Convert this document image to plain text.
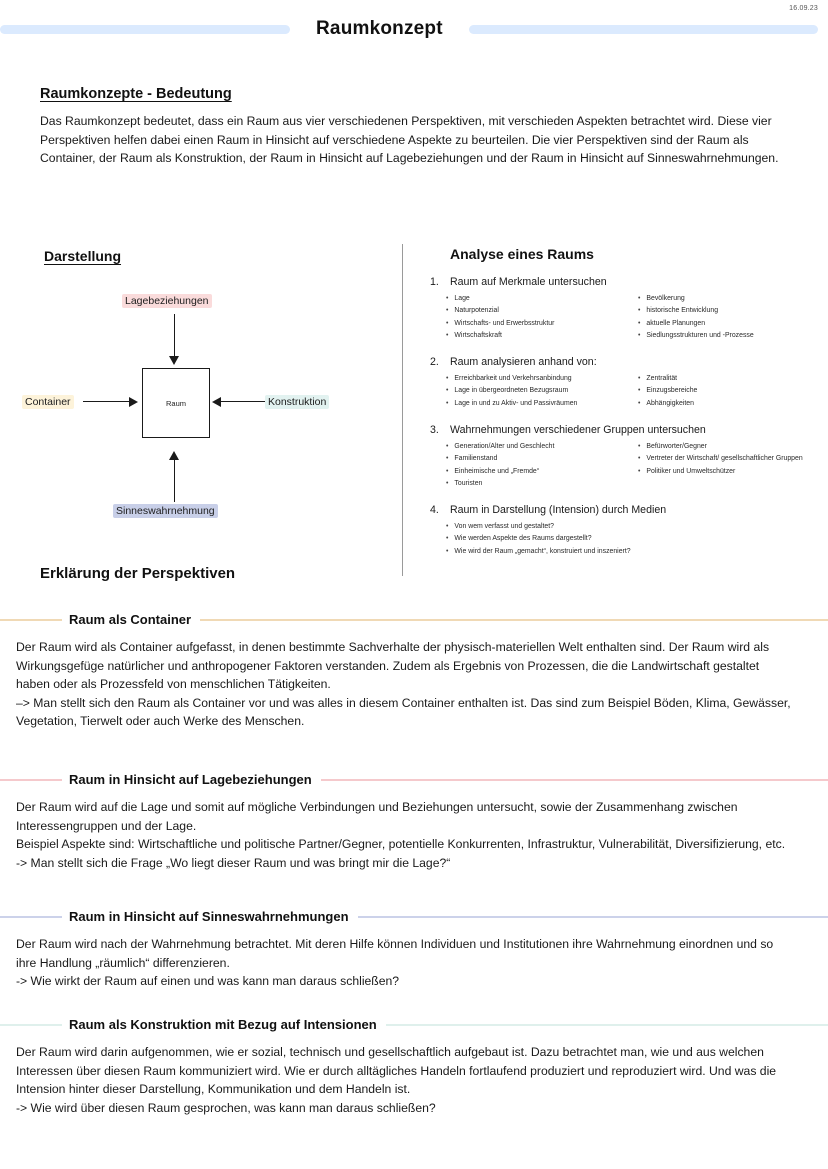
16.09.23
Raumkonzept
Raumkonzepte - Bedeutung
Das Raumkonzept bedeutet, dass ein Raum aus vier verschiedenen Perspektiven, mit verschieden Aspekten betrachtet wird. Diese vier Perspektiven helfen dabei einen Raum in Hinsicht auf verschiedene Aspekte zu beurteilen. Die vier Perspektiven sind der Raum als Container, der Raum als Konstruktion, der Raum in Hinsicht auf Lagebeziehungen und der Raum in Hinsicht auf Sinneswahrnehmungen.
Darstellung
Lagebeziehungen
Container	Raum	Konstruktion
Sinneswahrnehmung
Analyse eines Raums
1.	Raum auf Merkmale untersuchen
• Lage
• Naturpotenzial
• Wirtschafts- und Erwerbsstruktur
• Wirtschaftskraft
• Bevölkerung
• historische Entwicklung
• aktuelle Planungen
• Siedlungsstrukturen und -Prozesse
2.	Raum analysieren anhand von:
• Erreichbarkeit und Verkehrsanbindung
• Lage in übergeordneten Bezugsraum
• Lage in und zu Aktiv- und Passivräumen
• Zentralität
• Einzugsbereiche
• Abhängigkeiten
3.	Wahrnehmungen verschiedener Gruppen untersuchen
• Generation/Alter und Geschlecht
• Familienstand
• Einheimische und „Fremde“
• Touristen
• Befürworter/Gegner
• Vertreter der Wirtschaft/ gesellschaftlicher Gruppen
• Politiker und Umweltschützer
4.	Raum in Darstellung (Intension) durch Medien
• Von wem verfasst und gestaltet?
• Wie werden Aspekte des Raums dargestellt?
• Wie wird der Raum „gemacht“, konstruiert und inszeniert?
Erklärung der Perspektiven
Raum als Container
Der Raum wird als Container aufgefasst, in denen bestimmte Sachverhalte der physisch-materiellen Welt enthalten sind. Der Raum wird als Wirkungsgefüge natürlicher und anthropogener Faktoren verstanden. Zudem als Ergebnis von Prozessen, die die Landwirtschaft gestaltet haben oder als Prozessfeld von menschlichen Tätigkeiten.
–> Man stellt sich den Raum als Container vor und was alles in diesem Container enthalten ist. Das sind zum Beispiel Böden, Klima, Gewässer, Vegetation, Tierwelt oder auch Werke des Menschen.
Raum in Hinsicht auf Lagebeziehungen
Der Raum wird auf die Lage und somit auf mögliche Verbindungen und Beziehungen untersucht, sowie der Zusammenhang zwischen Interessengruppen und der Lage.
Beispiel Aspekte sind: Wirtschaftliche und politische Partner/Gegner, potentielle Konkurrenten, Infrastruktur, Vulnerabilität, Diversifizierung, etc.
-> Man stellt sich die Frage „Wo liegt dieser Raum und was bringt mir die Lage?“
Raum in Hinsicht auf Sinneswahrnehmungen
Der Raum wird nach der Wahrnehmung betrachtet. Mit deren Hilfe können Individuen und Institutionen ihre Wahrnehmung einordnen und so ihre Handlung „räumlich“ differenzieren.
-> Wie wirkt der Raum auf einen und was kann man daraus schließen?
Raum als Konstruktion mit Bezug auf Intensionen
Der Raum wird darin aufgenommen, wie er sozial, technisch und gesellschaftlich aufgebaut ist. Dazu betrachtet man, wie und aus welchen Interessen über diesen Raum kommuniziert wird. Wie er durch alltägliches Handeln fortlaufend produziert und reproduziert wird. Und was die Intension hinter dieser Darstellung, Kommunikation und dem Handeln ist.
-> Wie wird über diesen Raum gesprochen, was kann man daraus schließen?
